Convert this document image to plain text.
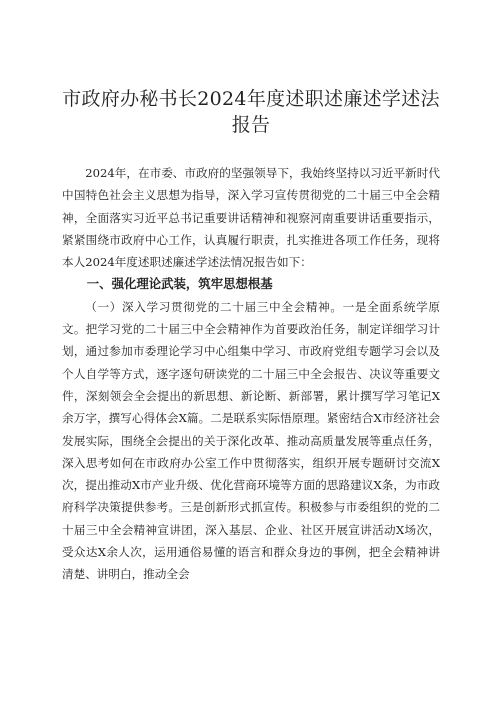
市政府办秘书长2024年度述职述廉述学述法
报告

2024年，在市委、市政府的坚强领导下，我始终坚持以习近平新时代中国特色社会主义思想为指导，深入学习宣传贯彻党的二十届三中全会精神，全面落实习近平总书记重要讲话精神和视察河南重要讲话重要指示，紧紧围绕市政府中心工作，认真履行职责，扎实推进各项工作任务，现将本人2024年度述职述廉述学述法情况报告如下：

一、强化理论武装，筑牢思想根基

（一）深入学习贯彻党的二十届三中全会精神。一是全面系统学原文。把学习党的二十届三中全会精神作为首要政治任务，制定详细学习计划，通过参加市委理论学习中心组集中学习、市政府党组专题学习会以及个人自学等方式，逐字逐句研读党的二十届三中全会报告、决议等重要文件，深刻领会全会提出的新思想、新论断、新部署，累计撰写学习笔记X余万字，撰写心得体会X篇。二是联系实际悟原理。紧密结合X市经济社会发展实际，围绕全会提出的关于深化改革、推动高质量发展等重点任务，深入思考如何在市政府办公室工作中贯彻落实，组织开展专题研讨交流X次，提出推动X市产业升级、优化营商环境等方面的思路建议X条，为市政府科学决策提供参考。三是创新形式抓宣传。积极参与市委组织的党的二十届三中全会精神宣讲团，深入基层、企业、社区开展宣讲活动X场次，受众达X余人次，运用通俗易懂的语言和群众身边的事例，把全会精神讲清楚、讲明白，推动全会
